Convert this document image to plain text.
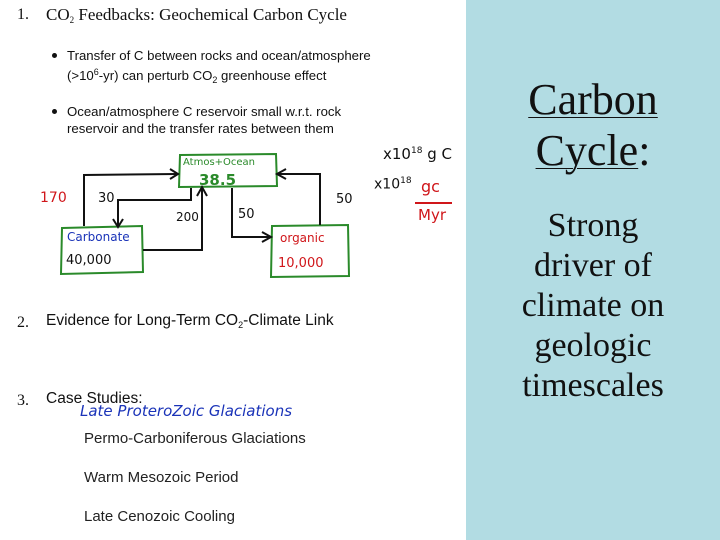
1. $CO_2$ Feedbacks: Geochemical Carbon Cycle
Transfer of C between rocks and ocean/atmosphere
$(>10^6-yr)$ can perturb $CO_2$ greenhouse effect
Ocean/atmosphere C reservoir small w.r.t. rock
reservoir and the transfer rates between them
Atmos+Ocean
38.5
Carbonate
40,000
organic
10,000
170 30
200	50
50
$x10^{18}$ g C
$x10^{18}$ gc
Myr
2. Evidence for Long-Term $CO_2$-Climate Link
3. Case Studies:
Late ProteroZoic Glaciations
Permo-Carboniferous Glaciations
Warm Mesozoic Period
Late Cenozoic Cooling
Carbon
Cycle:
Strong
driver of
climate on
geologic
timescales
